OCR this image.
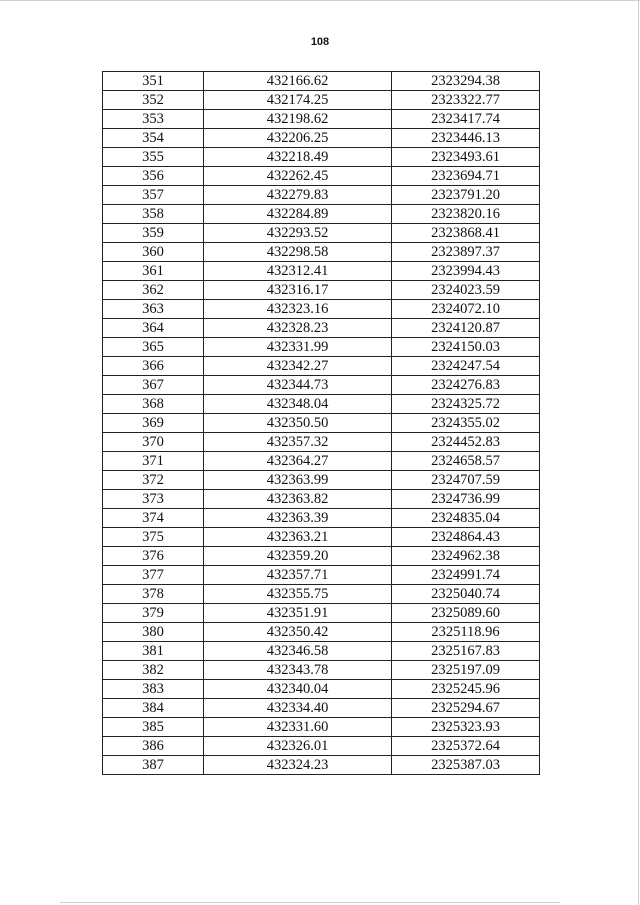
108
351	432166.62	2323294.38
352	432174.25	2323322.77
353	432198.62	2323417.74
354	432206.25	2323446.13
355	432218.49	2323493.61
356	432262.45	2323694.71
357	432279.83	2323791.20
358	432284.89	2323820.16
359	432293.52	2323868.41
360	432298.58	2323897.37
361	432312.41	2323994.43
362	432316.17	2324023.59
363	432323.16	2324072.10
364	432328.23	2324120.87
365	432331.99	2324150.03
366	432342.27	2324247.54
367	432344.73	2324276.83
368	432348.04	2324325.72
369	432350.50	2324355.02
370	432357.32	2324452.83
371	432364.27	2324658.57
372	432363.99	2324707.59
373	432363.82	2324736.99
374	432363.39	2324835.04
375	432363.21	2324864.43
376	432359.20	2324962.38
377	432357.71	2324991.74
378	432355.75	2325040.74
379	432351.91	2325089.60
380	432350.42	2325118.96
381	432346.58	2325167.83
382	432343.78	2325197.09
383	432340.04	2325245.96
384	432334.40	2325294.67
385	432331.60	2325323.93
386	432326.01	2325372.64
387	432324.23	2325387.03
